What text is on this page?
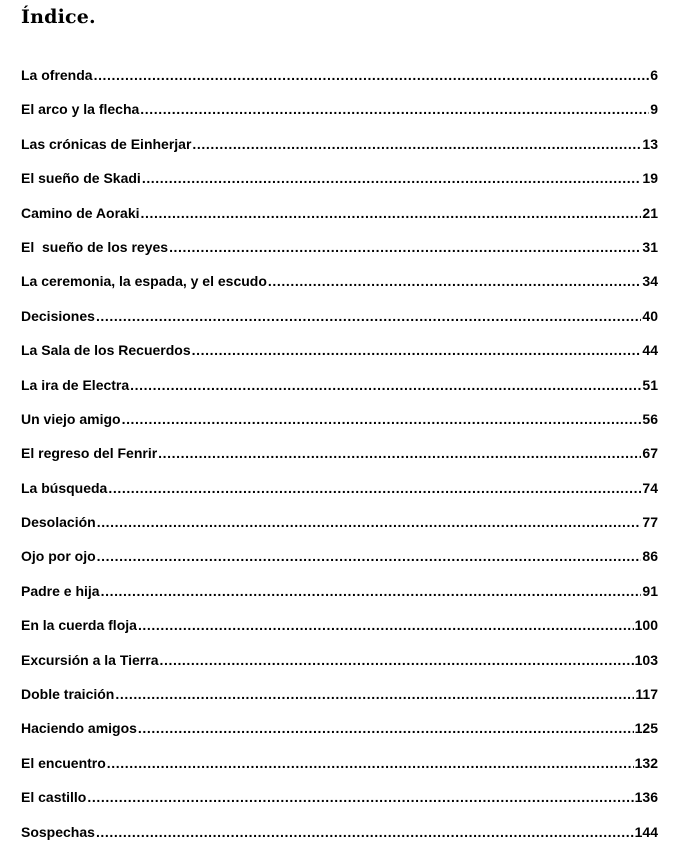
Índice.
La ofrenda .....	6
El arco y la flecha .....	9
Las crónicas de Einherjar .....	13
El sueño de Skadi .....	19
Camino de Aoraki .....	21
El  sueño de los reyes .....	31
La ceremonia, la espada, y el escudo .....	34
Decisiones .....	40
La Sala de los Recuerdos .....	44
La ira de Electra .....	51
Un viejo amigo .....	56
El regreso del Fenrir .....	67
La búsqueda .....	74
Desolación .....	77
Ojo por ojo .....	86
Padre e hija .....	91
En la cuerda floja .....	100
Excursión a la Tierra .....	103
Doble traición .....	117
Haciendo amigos .....	125
El encuentro .....	132
El castillo .....	136
Sospechas .....	144
